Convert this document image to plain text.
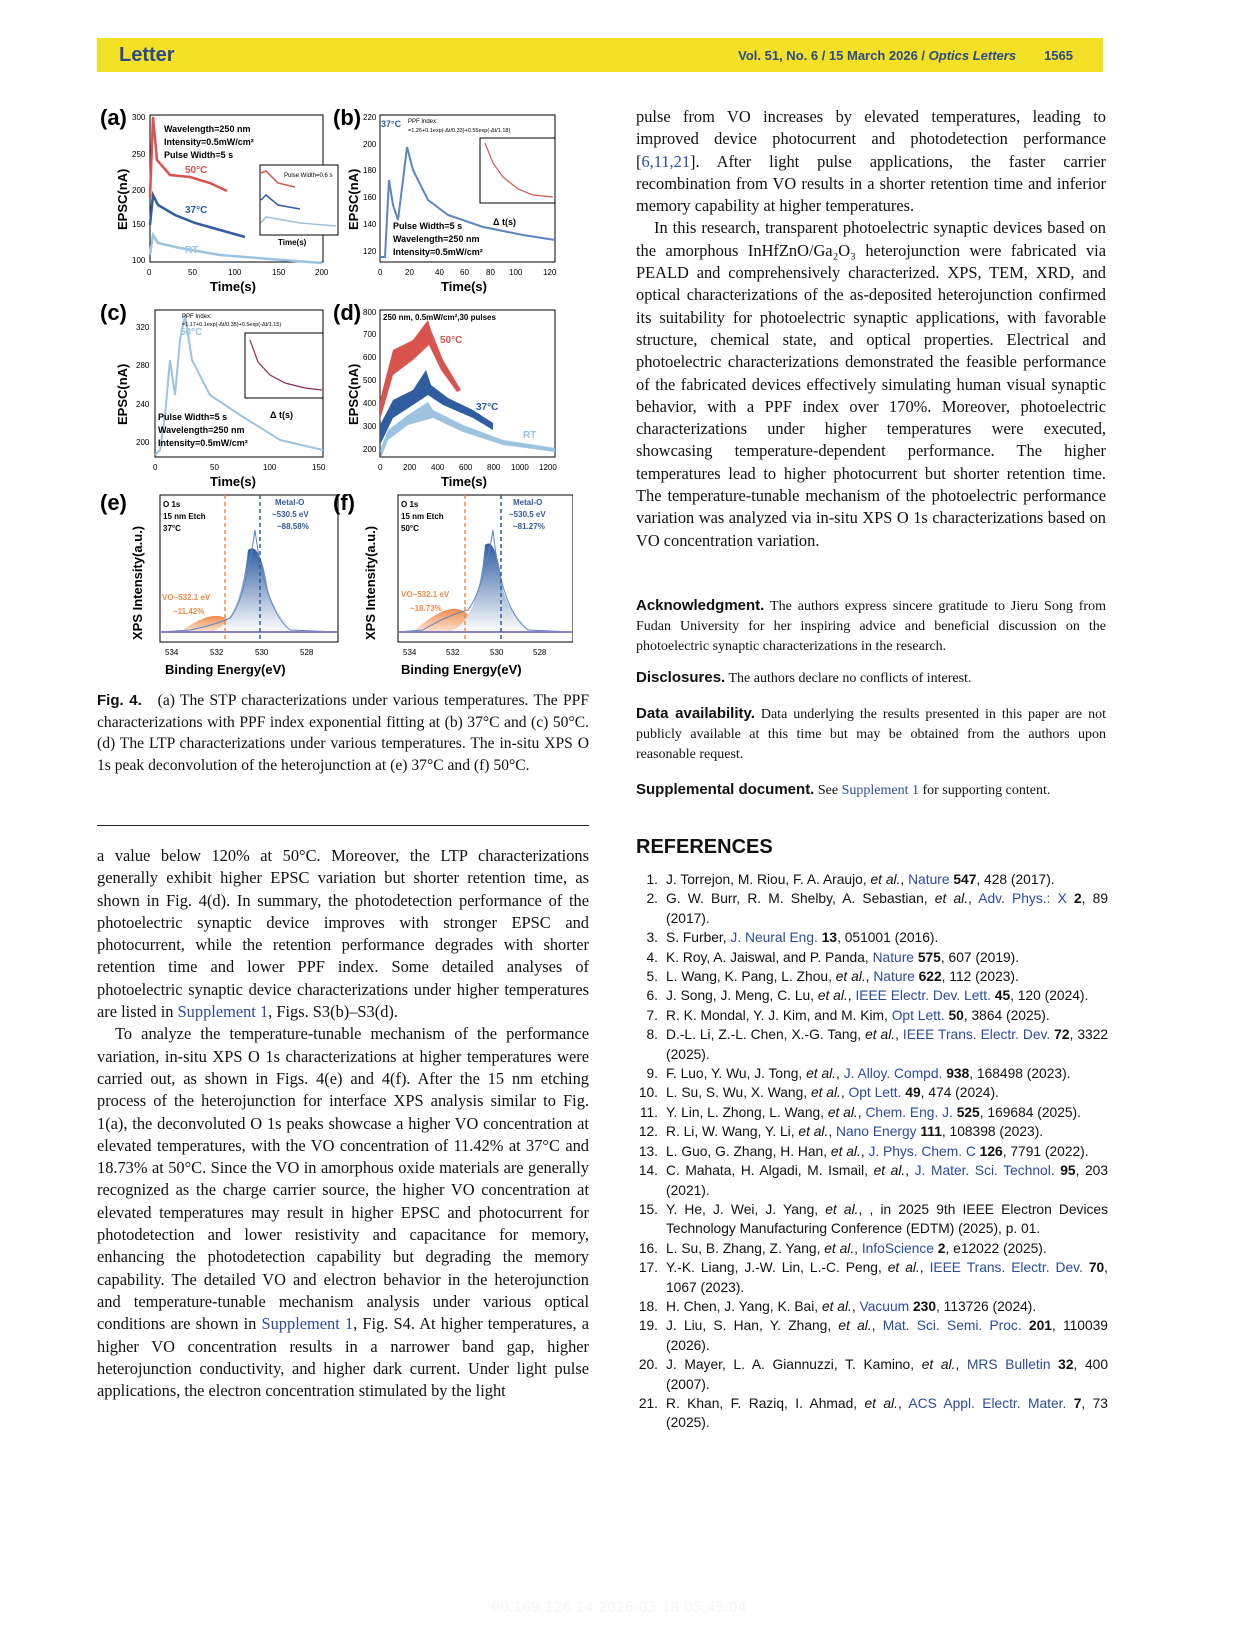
Letter	Vol. 51, No. 6 / 15 March 2026 / Optics Letters 1565
(a) 300
250
200
150
100
0	50	100	150	200
EPSC(nA)
Time(s)
Wavelength=250 nm
Intensity=0.5mW/cm²
Pulse Width=5 s
50°C
37°C
RT
Pulse Width=0.6 s
Time(s)
(b) 220
200
180
160
140
120
0	20	40 60 80 100	120
EPSC(nA)
Time(s)
37°C PPF Index:
=1.26+0.1exp(-Δt/0.33)+0.55exp(-Δt/1.18)
Δ t(s)
Pulse Width=5 s
Wavelength=250 nm
Intensity=0.5mW/cm²
(c)
320
280
240
200
0	50	100	150
EPSC(nA)
Time(s)
50°C
PPF Index:
=1.17+0.1exp(-Δt/0.35)+0.5exp(-Δt/1.15)
Δ t(s)
Pulse Width=5 s
Wavelength=250 nm
Intensity=0.5mW/cm²
(d) 800
700
600
500
400
300
200
0	200 400 600 800 1000 1200
EPSC(nA)
Time(s)
250 nm, 0.5mW/cm²,30 pulses
50°C
37°C
RT
(e)
534	532	530	528
XPS Intensity(a.u.)
Binding Energy(eV)
O 1s
15 nm Etch
37°C
Metal-O
~530.5 eV
~88.58%
VO~532.1 eV
~11.42%
(f)
534	532	530	528
XPS Intensity(a.u.)
Binding Energy(eV)
O 1s
15 nm Etch
50°C
Metal-O
~530.5 eV
~81.27%
VO~532.1 eV
~18.73%
Fig. 4. (a) The STP characterizations under various temperatures. The PPF characterizations with PPF index exponential fitting at (b) 37°C and (c) 50°C. (d) The LTP characterizations under various temperatures. The in-situ XPS O 1s peak deconvolution of the heterojunction at (e) 37°C and (f) 50°C.

a value below 120% at 50°C. Moreover, the LTP characterizations generally exhibit higher EPSC variation but shorter retention time, as shown in Fig. 4(d). In summary, the photodetection performance of the photoelectric synaptic device improves with stronger EPSC and photocurrent, while the retention performance degrades with shorter retention time and lower PPF index. Some detailed analyses of photoelectric synaptic device characterizations under higher temperatures are listed in Supplement 1, Figs. S3(b)–S3(d).

To analyze the temperature-tunable mechanism of the performance variation, in-situ XPS O 1s characterizations at higher temperatures were carried out, as shown in Figs. 4(e) and 4(f). After the 15 nm etching process of the heterojunction for interface XPS analysis similar to Fig. 1(a), the deconvoluted O 1s peaks showcase a higher VO concentration at elevated temperatures, with the VO concentration of 11.42% at 37°C and 18.73% at 50°C. Since the VO in amorphous oxide materials are generally recognized as the charge carrier source, the higher VO concentration at elevated temperatures may result in higher EPSC and photocurrent for photodetection and lower resistivity and capacitance for memory, enhancing the photodetection capability but degrading the memory capability. The detailed VO and electron behavior in the heterojunction and temperature-tunable mechanism analysis under various optical conditions are shown in Supplement 1, Fig. S4. At higher temperatures, a higher VO concentration results in a narrower band gap, higher heterojunction conductivity, and higher dark current. Under light pulse applications, the electron concentration stimulated by the light

pulse from VO increases by elevated temperatures, leading to improved device photocurrent and photodetection performance [6,11,21]. After light pulse applications, the faster carrier recombination from VO results in a shorter retention time and inferior memory capability at higher temperatures.

In this research, transparent photoelectric synaptic devices based on the amorphous InHfZnO/Ga₂O₃ heterojunction were fabricated via PEALD and comprehensively characterized. XPS, TEM, XRD, and optical characterizations of the as-deposited heterojunction confirmed its suitability for photoelectric synaptic applications, with favorable structure, chemical state, and optical properties. Electrical and photoelectric characterizations demonstrated the feasible performance of the fabricated devices effectively simulating human visual synaptic behavior, with a PPF index over 170%. Moreover, photoelectric characterizations under higher temperatures were executed, showcasing temperature-dependent performance. The higher temperatures lead to higher photocurrent but shorter retention time. The temperature-tunable mechanism of the photoelectric performance variation was analyzed via in-situ XPS O 1s characterizations based on VO concentration variation.

Acknowledgment. The authors express sincere gratitude to Jieru Song from Fudan University for her inspiring advice and beneficial discussion on the photoelectric synaptic characterizations in the research.
Disclosures. The authors declare no conflicts of interest.
Data availability. Data underlying the results presented in this paper are not publicly available at this time but may be obtained from the authors upon reasonable request.
Supplemental document. See Supplement 1 for supporting content.
REFERENCES
1. J. Torrejon, M. Riou, F. A. Araujo, et al., Nature 547, 428 (2017).
2. G. W. Burr, R. M. Shelby, A. Sebastian, et al., Adv. Phys.: X 2, 89 (2017).
3. S. Furber, J. Neural Eng. 13, 051001 (2016).
4. K. Roy, A. Jaiswal, and P. Panda, Nature 575, 607 (2019).
5. L. Wang, K. Pang, L. Zhou, et al., Nature 622, 112 (2023).
6. J. Song, J. Meng, C. Lu, et al., IEEE Electr. Dev. Lett. 45, 120 (2024).
7. R. K. Mondal, Y. J. Kim, and M. Kim, Opt Lett. 50, 3864 (2025).
8. D.-L. Li, Z.-L. Chen, X.-G. Tang, et al., IEEE Trans. Electr. Dev. 72, 3322 (2025).
9. F. Luo, Y. Wu, J. Tong, et al., J. Alloy. Compd. 938, 168498 (2023).
10. L. Su, S. Wu, X. Wang, et al., Opt Lett. 49, 474 (2024).
11. Y. Lin, L. Zhong, L. Wang, et al., Chem. Eng. J. 525, 169684 (2025).
12. R. Li, W. Wang, Y. Li, et al., Nano Energy 111, 108398 (2023).
13. L. Guo, G. Zhang, H. Han, et al., J. Phys. Chem. C 126, 7791 (2022).
14. C. Mahata, H. Algadi, M. Ismail, et al., J. Mater. Sci. Technol. 95, 203 (2021).
15. Y. He, J. Wei, J. Yang, et al., , in 2025 9th IEEE Electron Devices Technology Manufacturing Conference (EDTM) (2025), p. 01.
16. L. Su, B. Zhang, Z. Yang, et al., InfoScience 2, e12022 (2025).
17. Y.-K. Liang, J.-W. Lin, L.-C. Peng, et al., IEEE Trans. Electr. Dev. 70, 1067 (2023).
18. H. Chen, J. Yang, K. Bai, et al., Vacuum 230, 113726 (2024).
19. J. Liu, S. Han, Y. Zhang, et al., Mat. Sci. Semi. Proc. 201, 110039 (2026).
20. J. Mayer, L. A. Giannuzzi, T. Kamino, et al., MRS Bulletin 32, 400 (2007).
21. R. Khan, F. Raziq, I. Ahmad, et al., ACS Appl. Electr. Mater. 7, 73 (2025).
60.169.126.14 2026-03-18 05:43:04
